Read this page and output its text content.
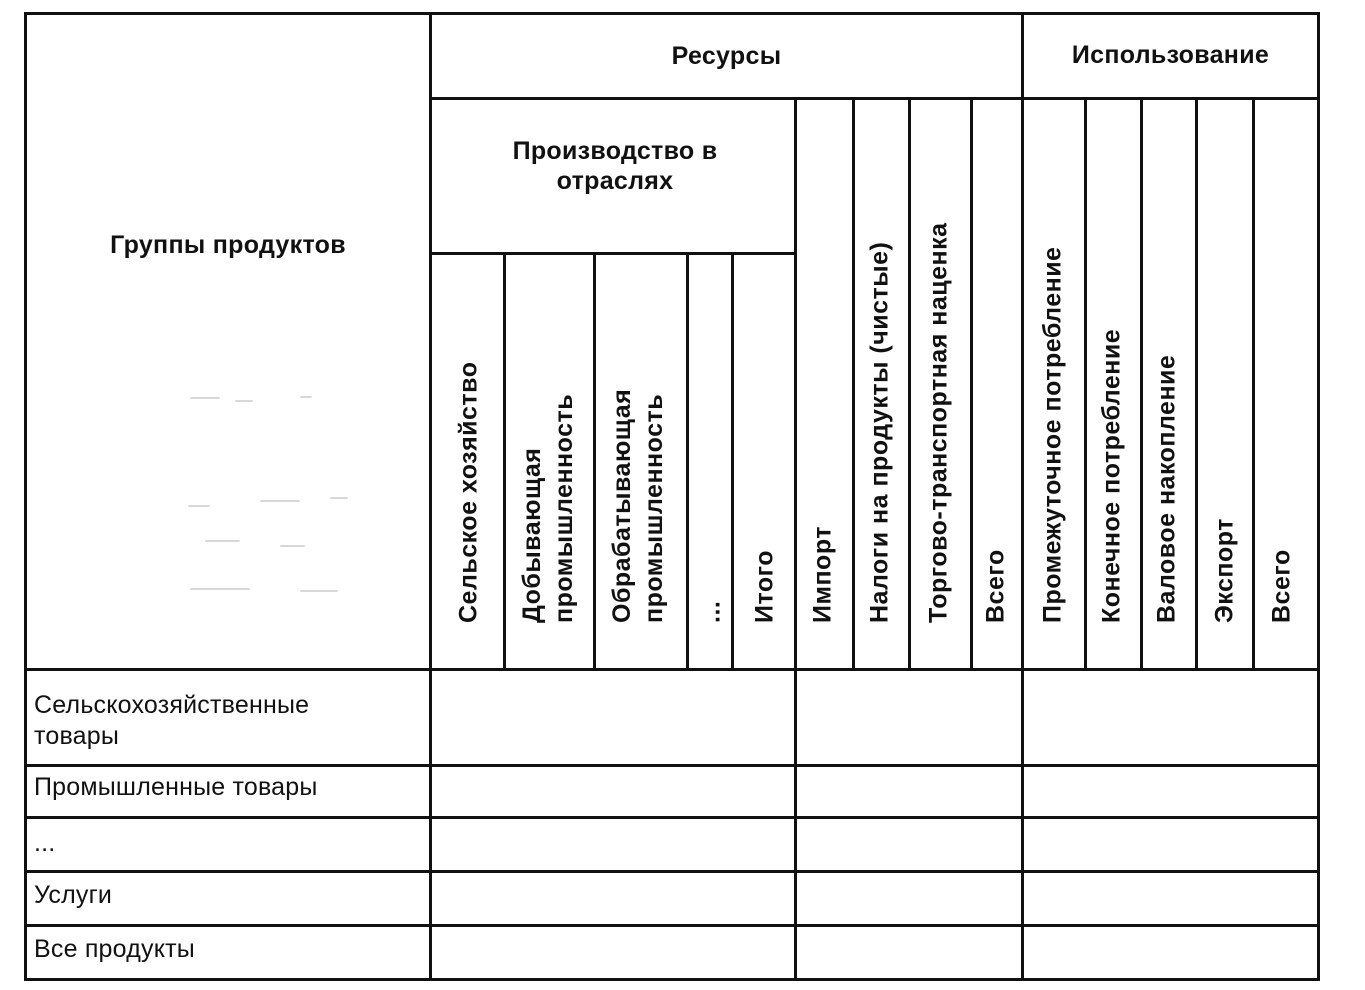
Группы продуктов
Ресурсы	Использование
Производство в отраслях
Сельское хозяйство Добывающая промышленность Обрабатывающая промышленность ... Итого Импорт Налоги на продукты (чистые) Торгово-транспортная наценка Всего Промежуточное потребление Конечное потребление Валовое накопление Экспорт Всего
Сельскохозяйственные товары
Промышленные товары
...
Услуги
Все продукты
